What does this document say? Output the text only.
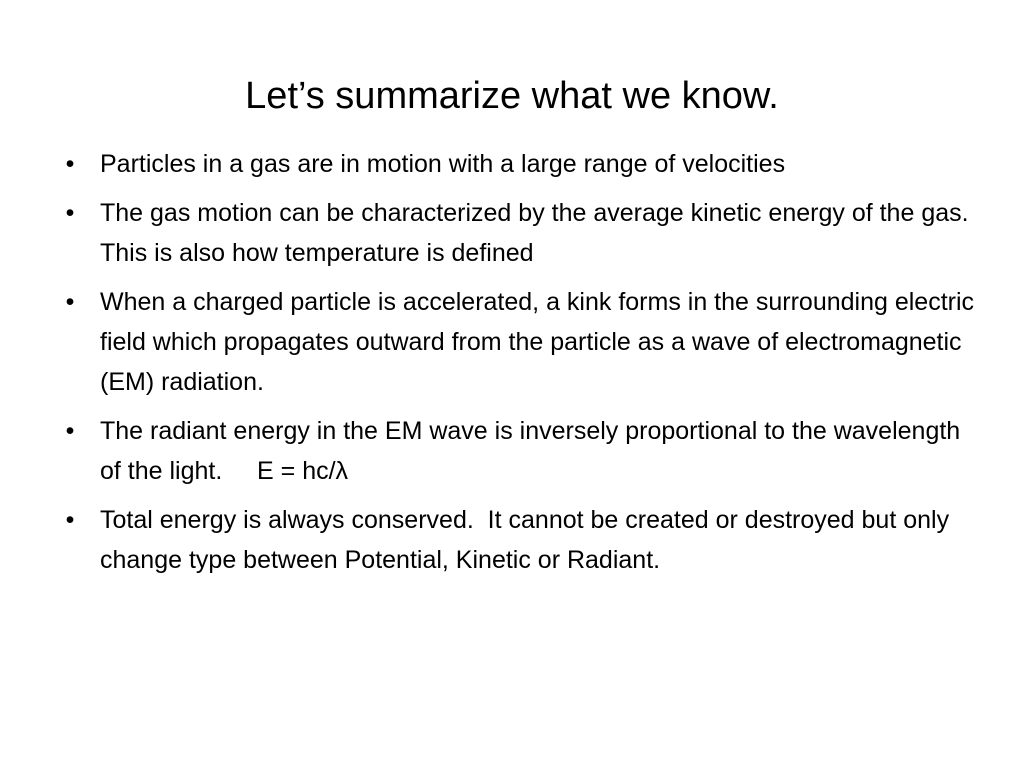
Let’s summarize what we know.
• Particles in a gas are in motion with a large range of velocities
• The gas motion can be characterized by the average kinetic energy of the gas.  This is also how temperature is defined
• When a charged particle is accelerated, a kink forms in the surrounding electric field which propagates outward from the particle as a wave of electromagnetic (EM) radiation.
• The radiant energy in the EM wave is inversely proportional to the wavelength of the light.     E = hc/λ
• Total energy is always conserved.  It cannot be created or destroyed but only change type between Potential, Kinetic or Radiant.
